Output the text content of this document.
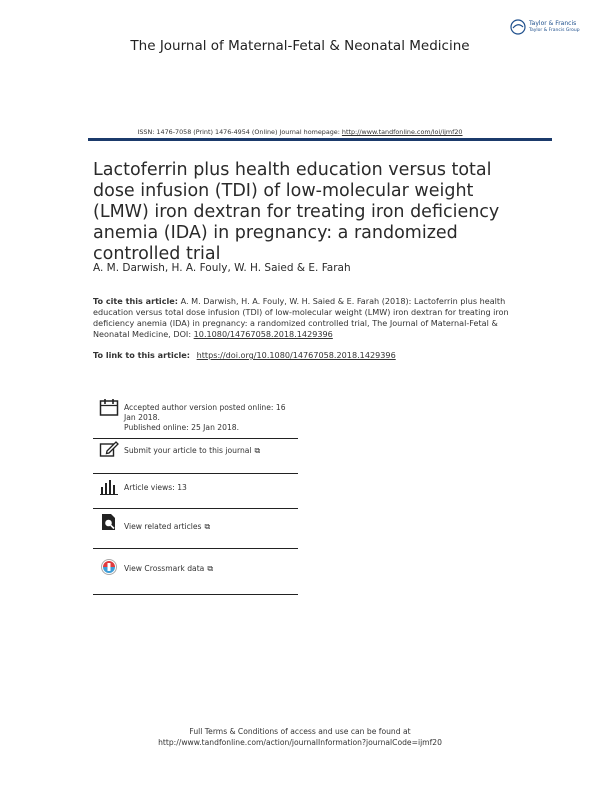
Taylor & Francis
Taylor & Francis Group
The Journal of Maternal-Fetal & Neonatal Medicine
ISSN: 1476-7058 (Print) 1476-4954 (Online) Journal homepage: http://www.tandfonline.com/loi/ijmf20
Lactoferrin plus health education versus total dose infusion (TDI) of low-molecular weight (LMW) iron dextran for treating iron deficiency anemia (IDA) in pregnancy: a randomized controlled trial
A. M. Darwish, H. A. Fouly, W. H. Saied & E. Farah
To cite this article: A. M. Darwish, H. A. Fouly, W. H. Saied & E. Farah (2018): Lactoferrin plus health education versus total dose infusion (TDI) of low-molecular weight (LMW) iron dextran for treating iron deficiency anemia (IDA) in pregnancy: a randomized controlled trial, The Journal of Maternal-Fetal & Neonatal Medicine, DOI: 10.1080/14767058.2018.1429396
To link to this article: https://doi.org/10.1080/14767058.2018.1429396
Accepted author version posted online: 16 Jan 2018.
Published online: 25 Jan 2018.
Submit your article to this journal ⧉
Article views: 13
View related articles ⧉
View Crossmark data ⧉
Full Terms & Conditions of access and use can be found at
http://www.tandfonline.com/action/journalInformation?journalCode=ijmf20
